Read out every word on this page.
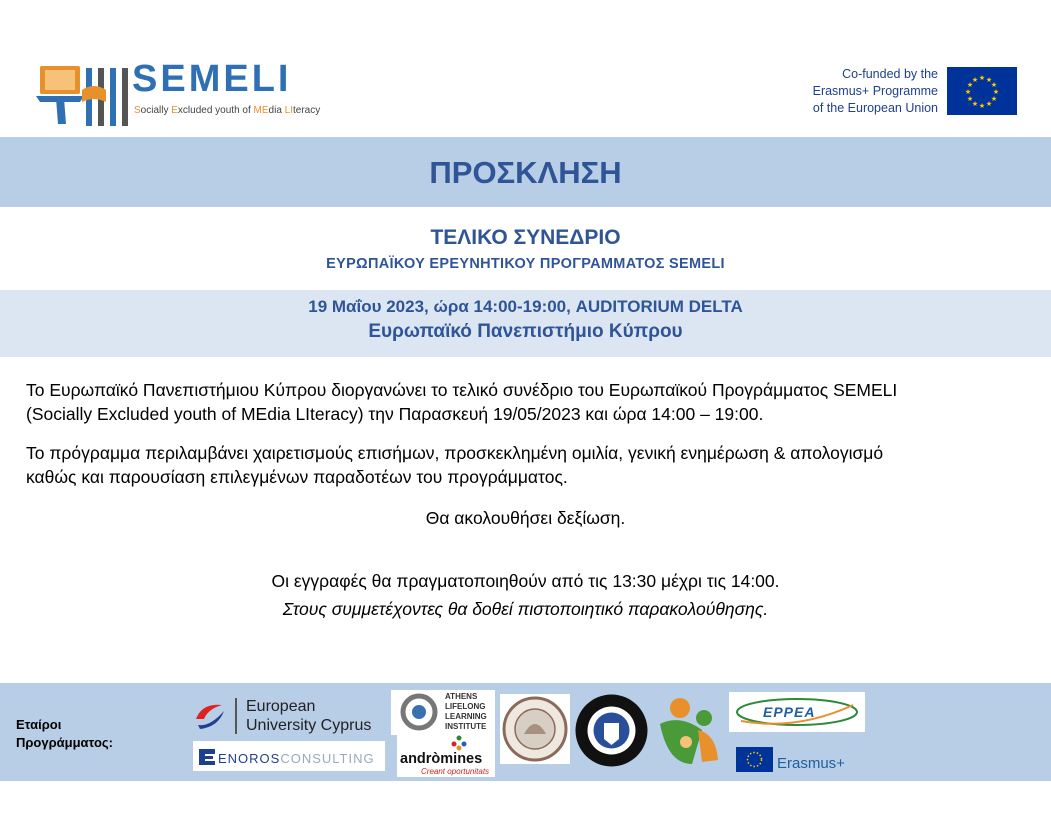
SEMELI
Socially Excluded youth of MEdia LIteracy
Co-funded by the
Erasmus+ Programme
of the European Union
★ ★
★
★
★
★
★
★
★
★
★
★
ΠΡΟΣΚΛΗΣΗ
ΤΕΛΙΚΟ ΣΥΝΕΔΡΙΟ
ΕΥΡΩΠΑΪΚΟΥ ΕΡΕΥΝΗΤΙΚΟΥ ΠΡΟΓΡΑΜΜΑΤΟΣ SEMELI
19 Μαΐου 2023, ώρα 14:00-19:00, AUDITORIUM DELTA
Ευρωπαϊκό Πανεπιστήμιο Κύπρου
Το Ευρωπαϊκό Πανεπιστήμιου Κύπρου διοργανώνει το τελικό συνέδριο του Ευρωπαϊκού Προγράμματος SEMELI
(Socially Excluded youth of MEdia LIteracy) την Παρασκευή 19/05/2023 και ώρα 14:00 – 19:00.
Το πρόγραμμα περιλαμβάνει χαιρετισμούς επισήμων, προσκεκλημένη ομιλία, γενική ενημέρωση & απολογισμό
καθώς και παρουσίαση επιλεγμένων παραδοτέων του προγράμματος.
Θα ακολουθήσει δεξίωση.
Οι εγγραφές θα πραγματοποιηθούν από τις 13:30 μέχρι τις 14:00.
Στους συμμετέχοντες θα δοθεί πιστοποιητικό παρακολούθησης.
Εταίροι
Προγράμματος:
European
University Cyprus
ENOROSCONSULTING
ATHENS
LIFELONG
LEARNING
INSTITUTE
andròmines
Creant oportunitats
EPPEA
Erasmus+
